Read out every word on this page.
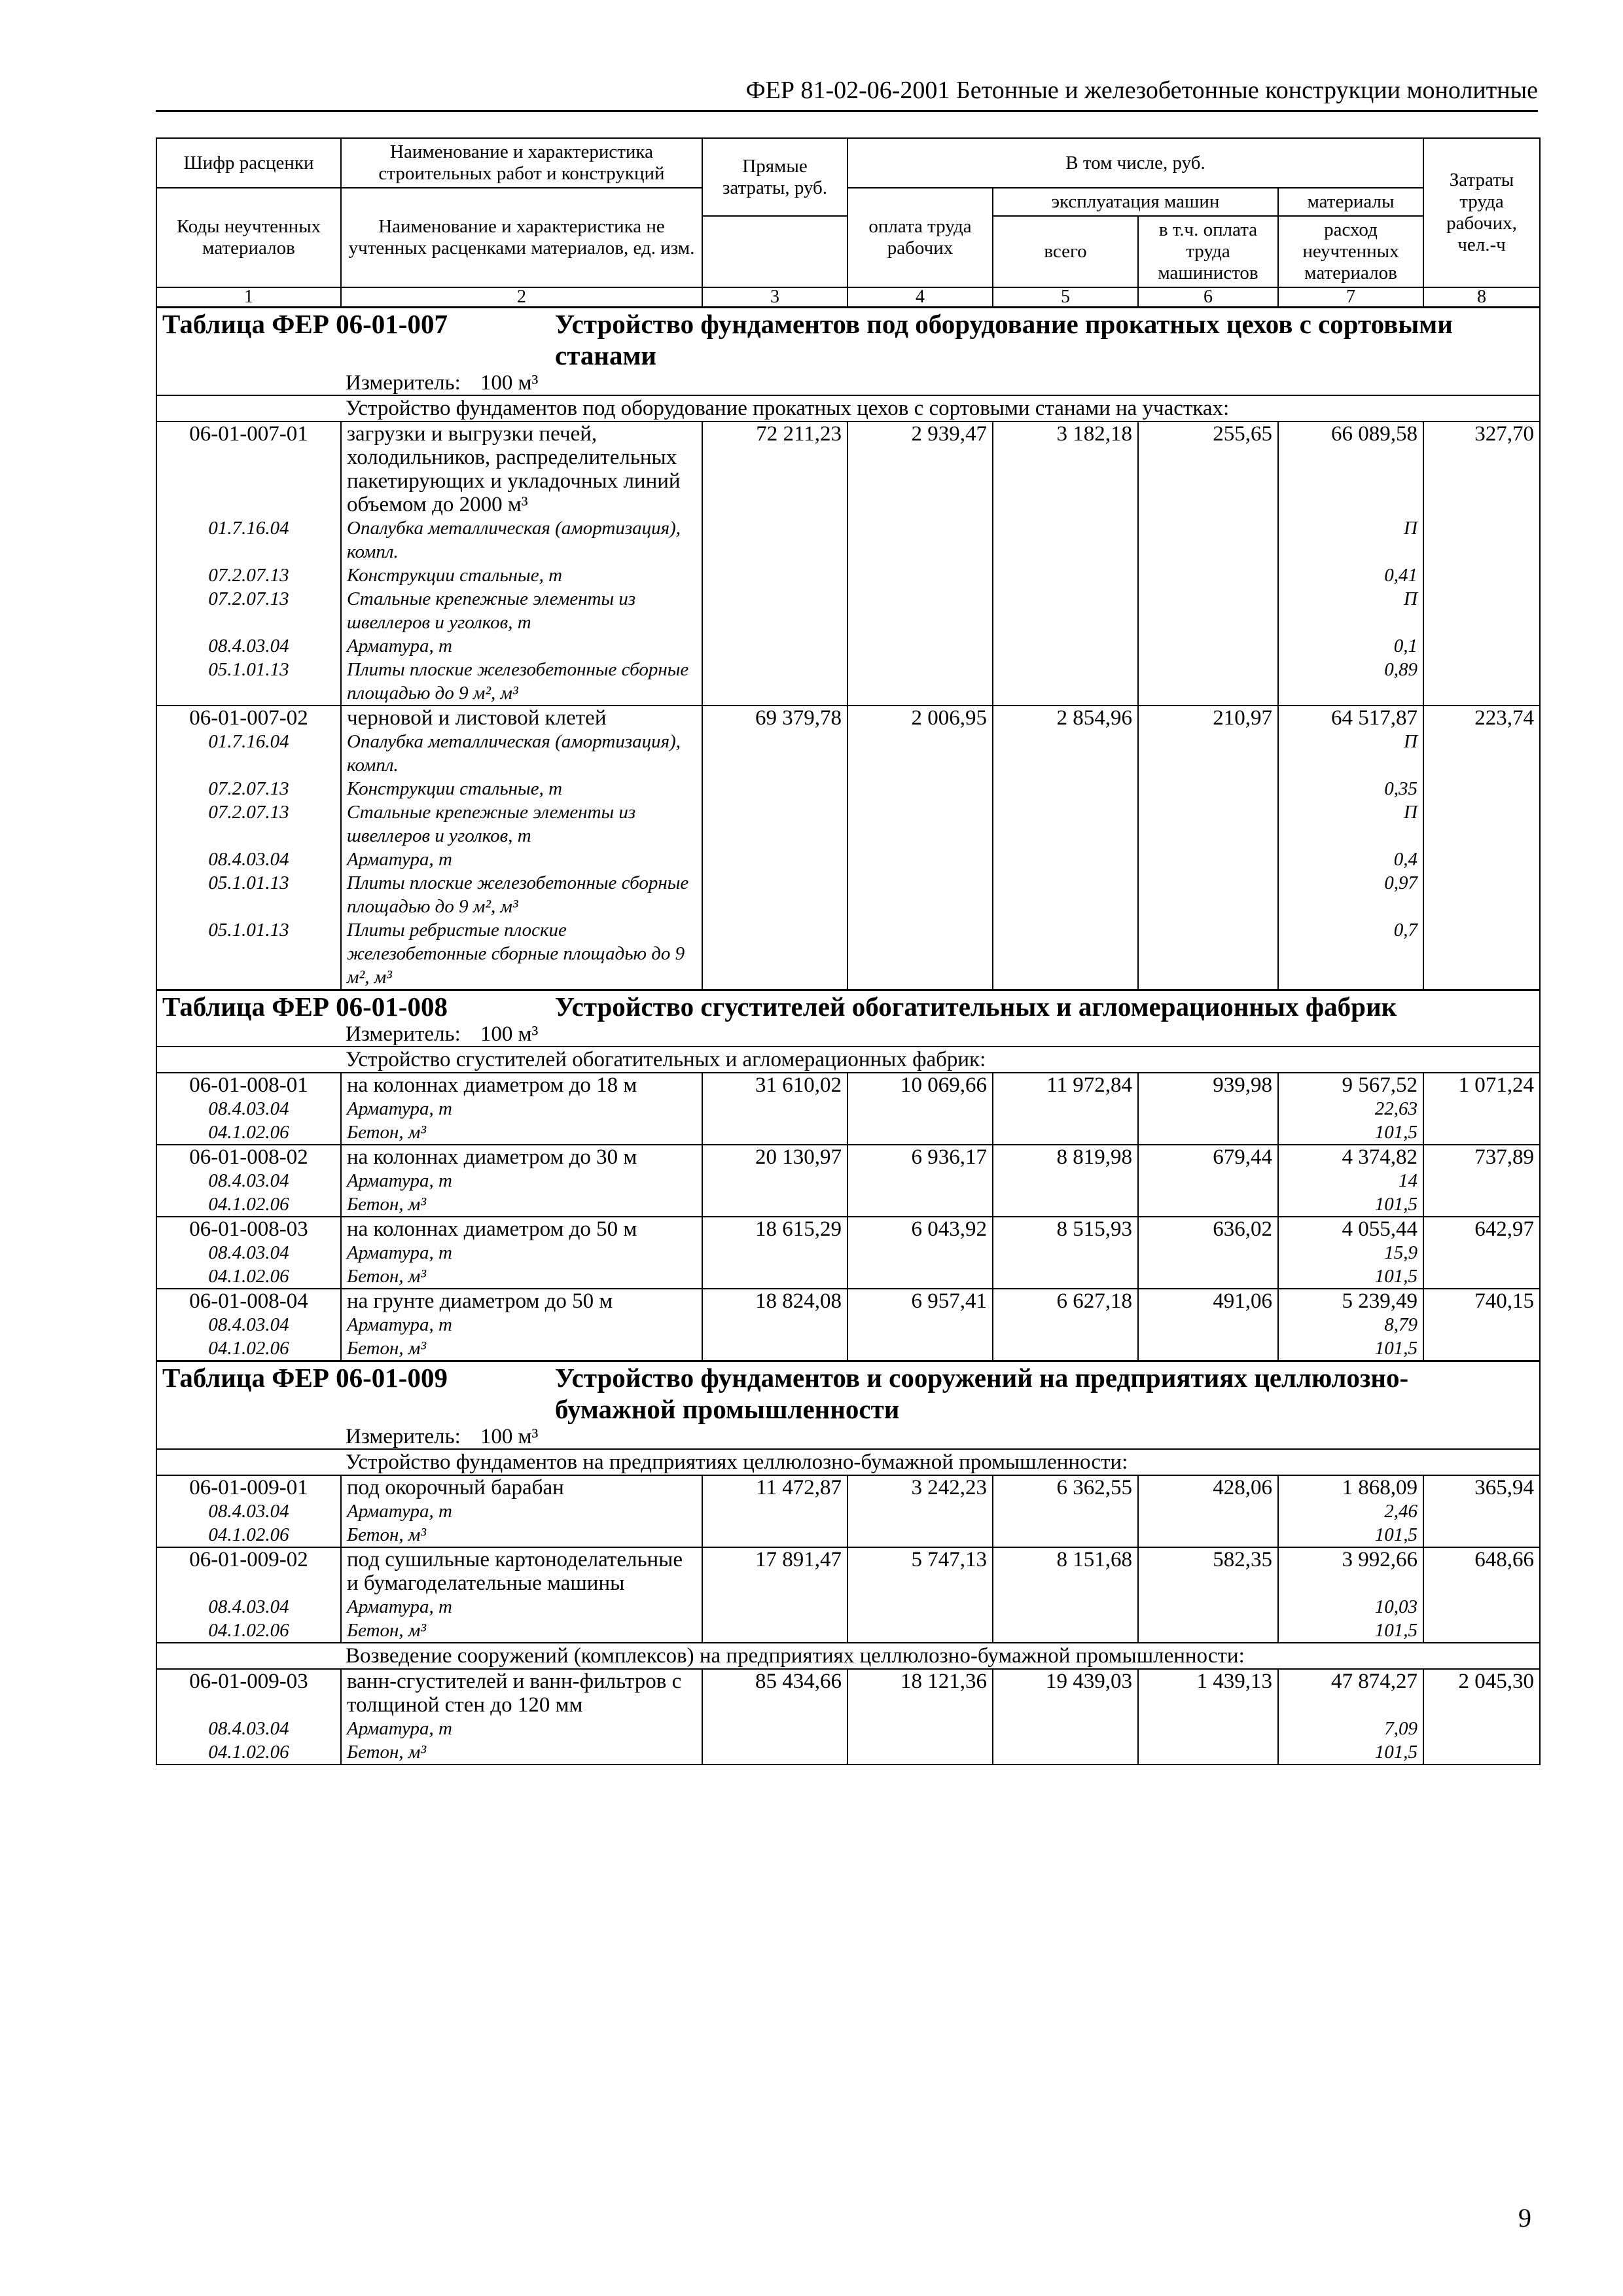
ФЕР 81-02-06-2001 Бетонные и железобетонные конструкции монолитные
Шифр расценки	Наименование и характеристика строительных работ и конструкций	Прямые затраты, руб.	В том числе, руб.				Затраты труда рабочих, чел.-ч
Коды неучтенных материалов	Наименование и характеристика не учтенных расценками материалов, ед. изм.		оплата труда рабочих	эксплуатация машин		материалы	
				всего	в т.ч. оплата труда машинистов	расход неучтенных материалов	

1	2	3	4	5	6	7	8
Таблица ФЕР 06-01-007 Устройство фундаментов под оборудование прокатных цехов с сортовыми станами							
Измеритель: 100 м³							
Устройство фундаментов под оборудование прокатных цехов с сортовыми станами на участках:							
06-01-007-01	загрузки и выгрузки печей, холодильников, распределительных пакетирующих и укладочных линий объемом до 2000 м³	72 211,23	2 939,47	3 182,18	255,65	66 089,58	327,70
01.7.16.04	Опалубка металлическая (амортизация), компл.					П	
07.2.07.13	Конструкции стальные, т					0,41	
07.2.07.13	Стальные крепежные элементы из швеллеров и уголков, т					П	
08.4.03.04	Арматура, т					0,1	
05.1.01.13	Плиты плоские железобетонные сборные площадью до 9 м², м³					0,89	
06-01-007-02	черновой и листовой клетей	69 379,78	2 006,95	2 854,96	210,97	64 517,87	223,74
01.7.16.04	Опалубка металлическая (амортизация), компл.					П	
07.2.07.13	Конструкции стальные, т					0,35	
07.2.07.13	Стальные крепежные элементы из швеллеров и уголков, т					П	
08.4.03.04	Арматура, т					0,4	
05.1.01.13	Плиты плоские железобетонные сборные площадью до 9 м², м³					0,97	
05.1.01.13	Плиты ребристые плоские железобетонные сборные площадью до 9 м², м³					0,7	
Таблица ФЕР 06-01-008 Устройство сгустителей обогатительных и агломерационных фабрик							
Измеритель: 100 м³							
Устройство сгустителей обогатительных и агломерационных фабрик:							
06-01-008-01	на колоннах диаметром до 18 м	31 610,02	10 069,66	11 972,84	939,98	9 567,52	1 071,24
08.4.03.04	Арматура, т					22,63	
04.1.02.06	Бетон, м³					101,5	
06-01-008-02	на колоннах диаметром до 30 м	20 130,97	6 936,17	8 819,98	679,44	4 374,82	737,89
08.4.03.04	Арматура, т					14	
04.1.02.06	Бетон, м³					101,5	
06-01-008-03	на колоннах диаметром до 50 м	18 615,29	6 043,92	8 515,93	636,02	4 055,44	642,97
08.4.03.04	Арматура, т					15,9	
04.1.02.06	Бетон, м³					101,5	
06-01-008-04	на грунте диаметром до 50 м	18 824,08	6 957,41	6 627,18	491,06	5 239,49	740,15
08.4.03.04	Арматура, т					8,79	
04.1.02.06	Бетон, м³					101,5	
Таблица ФЕР 06-01-009 Устройство фундаментов и сооружений на предприятиях целлюлозно-бумажной промышленности							
Измеритель: 100 м³							
Устройство фундаментов на предприятиях целлюлозно-бумажной промышленности:							
06-01-009-01	под окорочный барабан	11 472,87	3 242,23	6 362,55	428,06	1 868,09	365,94
08.4.03.04	Арматура, т					2,46	
04.1.02.06	Бетон, м³					101,5	
06-01-009-02	под сушильные картоноделательные и бумагоделательные машины	17 891,47	5 747,13	8 151,68	582,35	3 992,66	648,66
08.4.03.04	Арматура, т					10,03	
04.1.02.06	Бетон, м³					101,5	
Возведение сооружений (комплексов) на предприятиях целлюлозно-бумажной промышленности:							
06-01-009-03	ванн-сгустителей и ванн-фильтров с толщиной стен до 120 мм	85 434,66	18 121,36	19 439,03	1 439,13	47 874,27	2 045,30
08.4.03.04	Арматура, т					7,09	
04.1.02.06	Бетон, м³					101,5	
9
